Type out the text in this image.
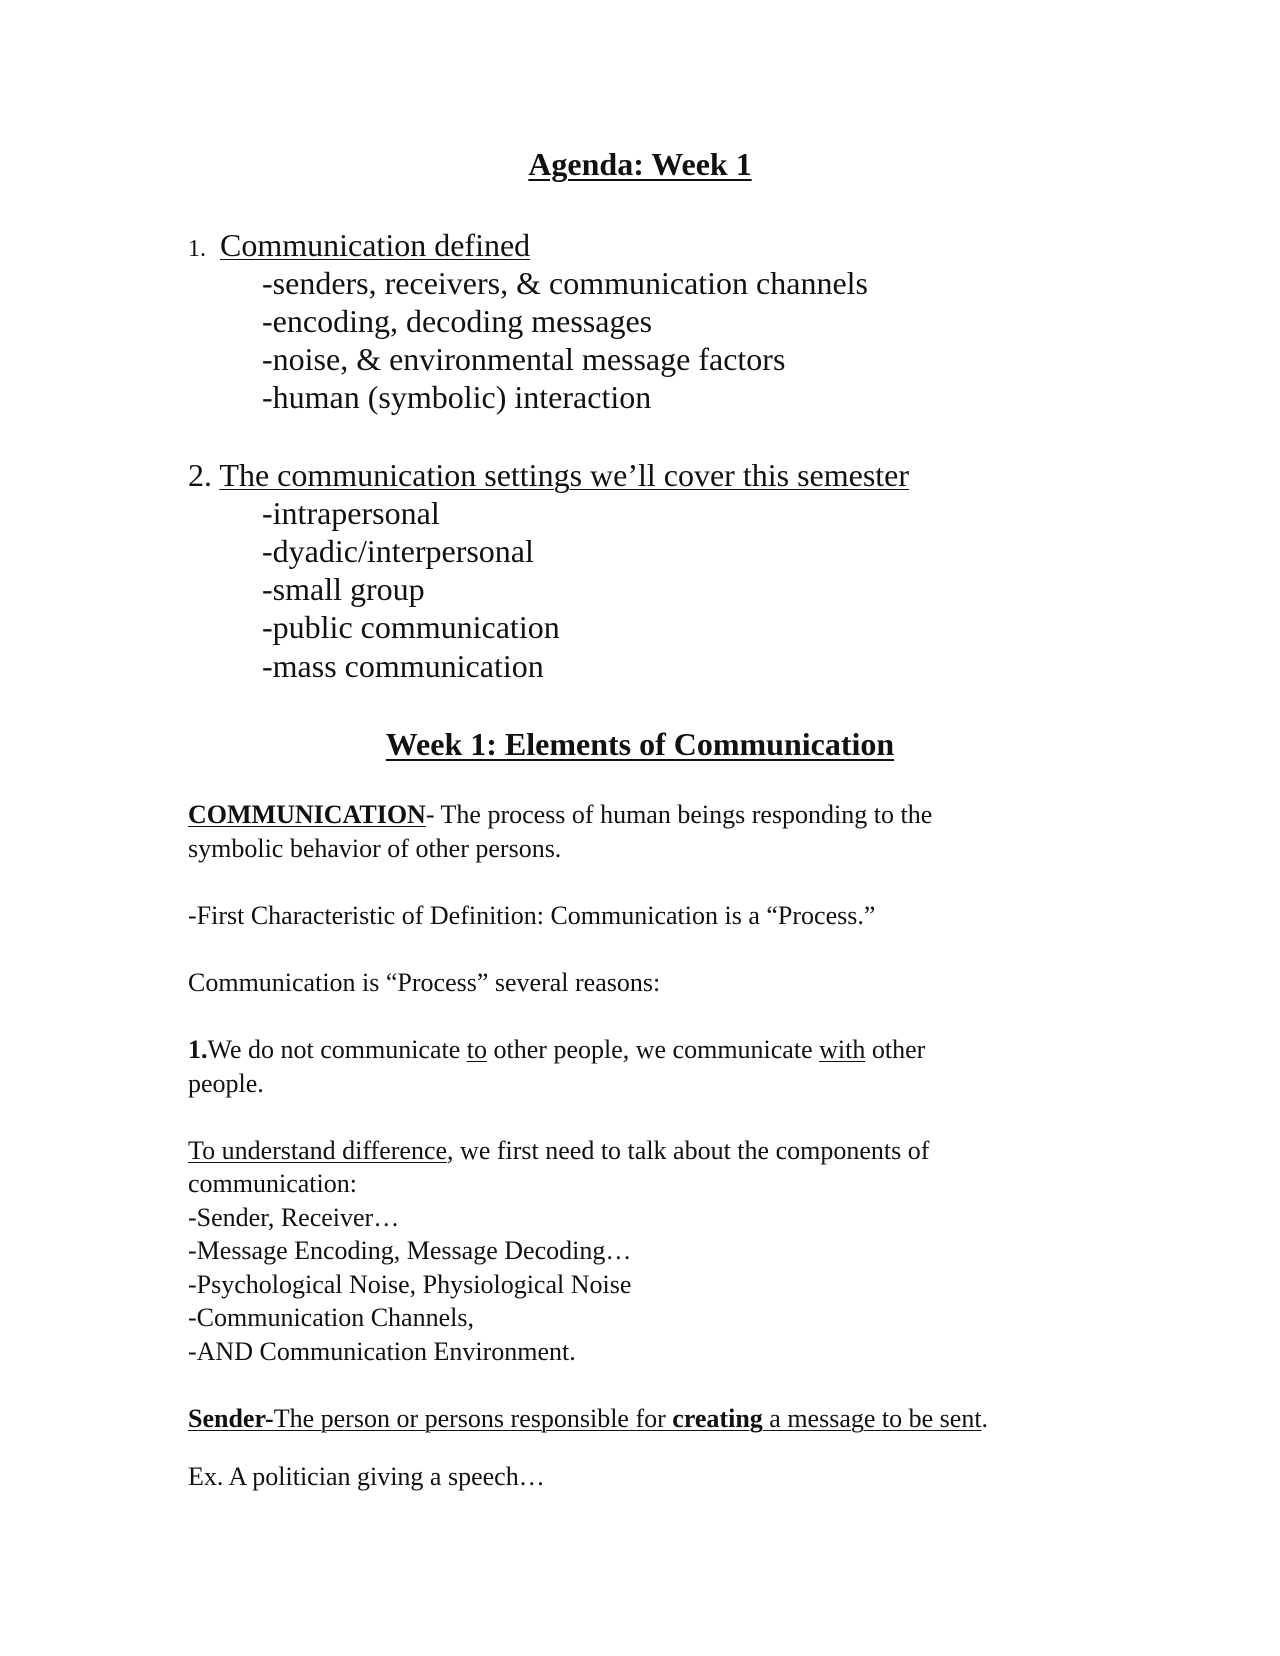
Agenda: Week 1
1. Communication defined
-senders, receivers, & communication channels
-encoding, decoding messages
-noise, & environmental message factors
-human (symbolic) interaction
2. The communication settings we’ll cover this semester
-intrapersonal
-dyadic/interpersonal
-small group
-public communication
-mass communication
Week 1: Elements of Communication
COMMUNICATION- The process of human beings responding to the
symbolic behavior of other persons.
-First Characteristic of Definition: Communication is a “Process.”
Communication is “Process” several reasons:
1.We do not communicate to other people, we communicate with other
people.
To understand difference, we first need to talk about the components of
communication:
-Sender, Receiver…
-Message Encoding, Message Decoding…
-Psychological Noise, Physiological Noise
-Communication Channels,
-AND Communication Environment.
Sender-The person or persons responsible for creating a message to be sent.
Ex. A politician giving a speech…
